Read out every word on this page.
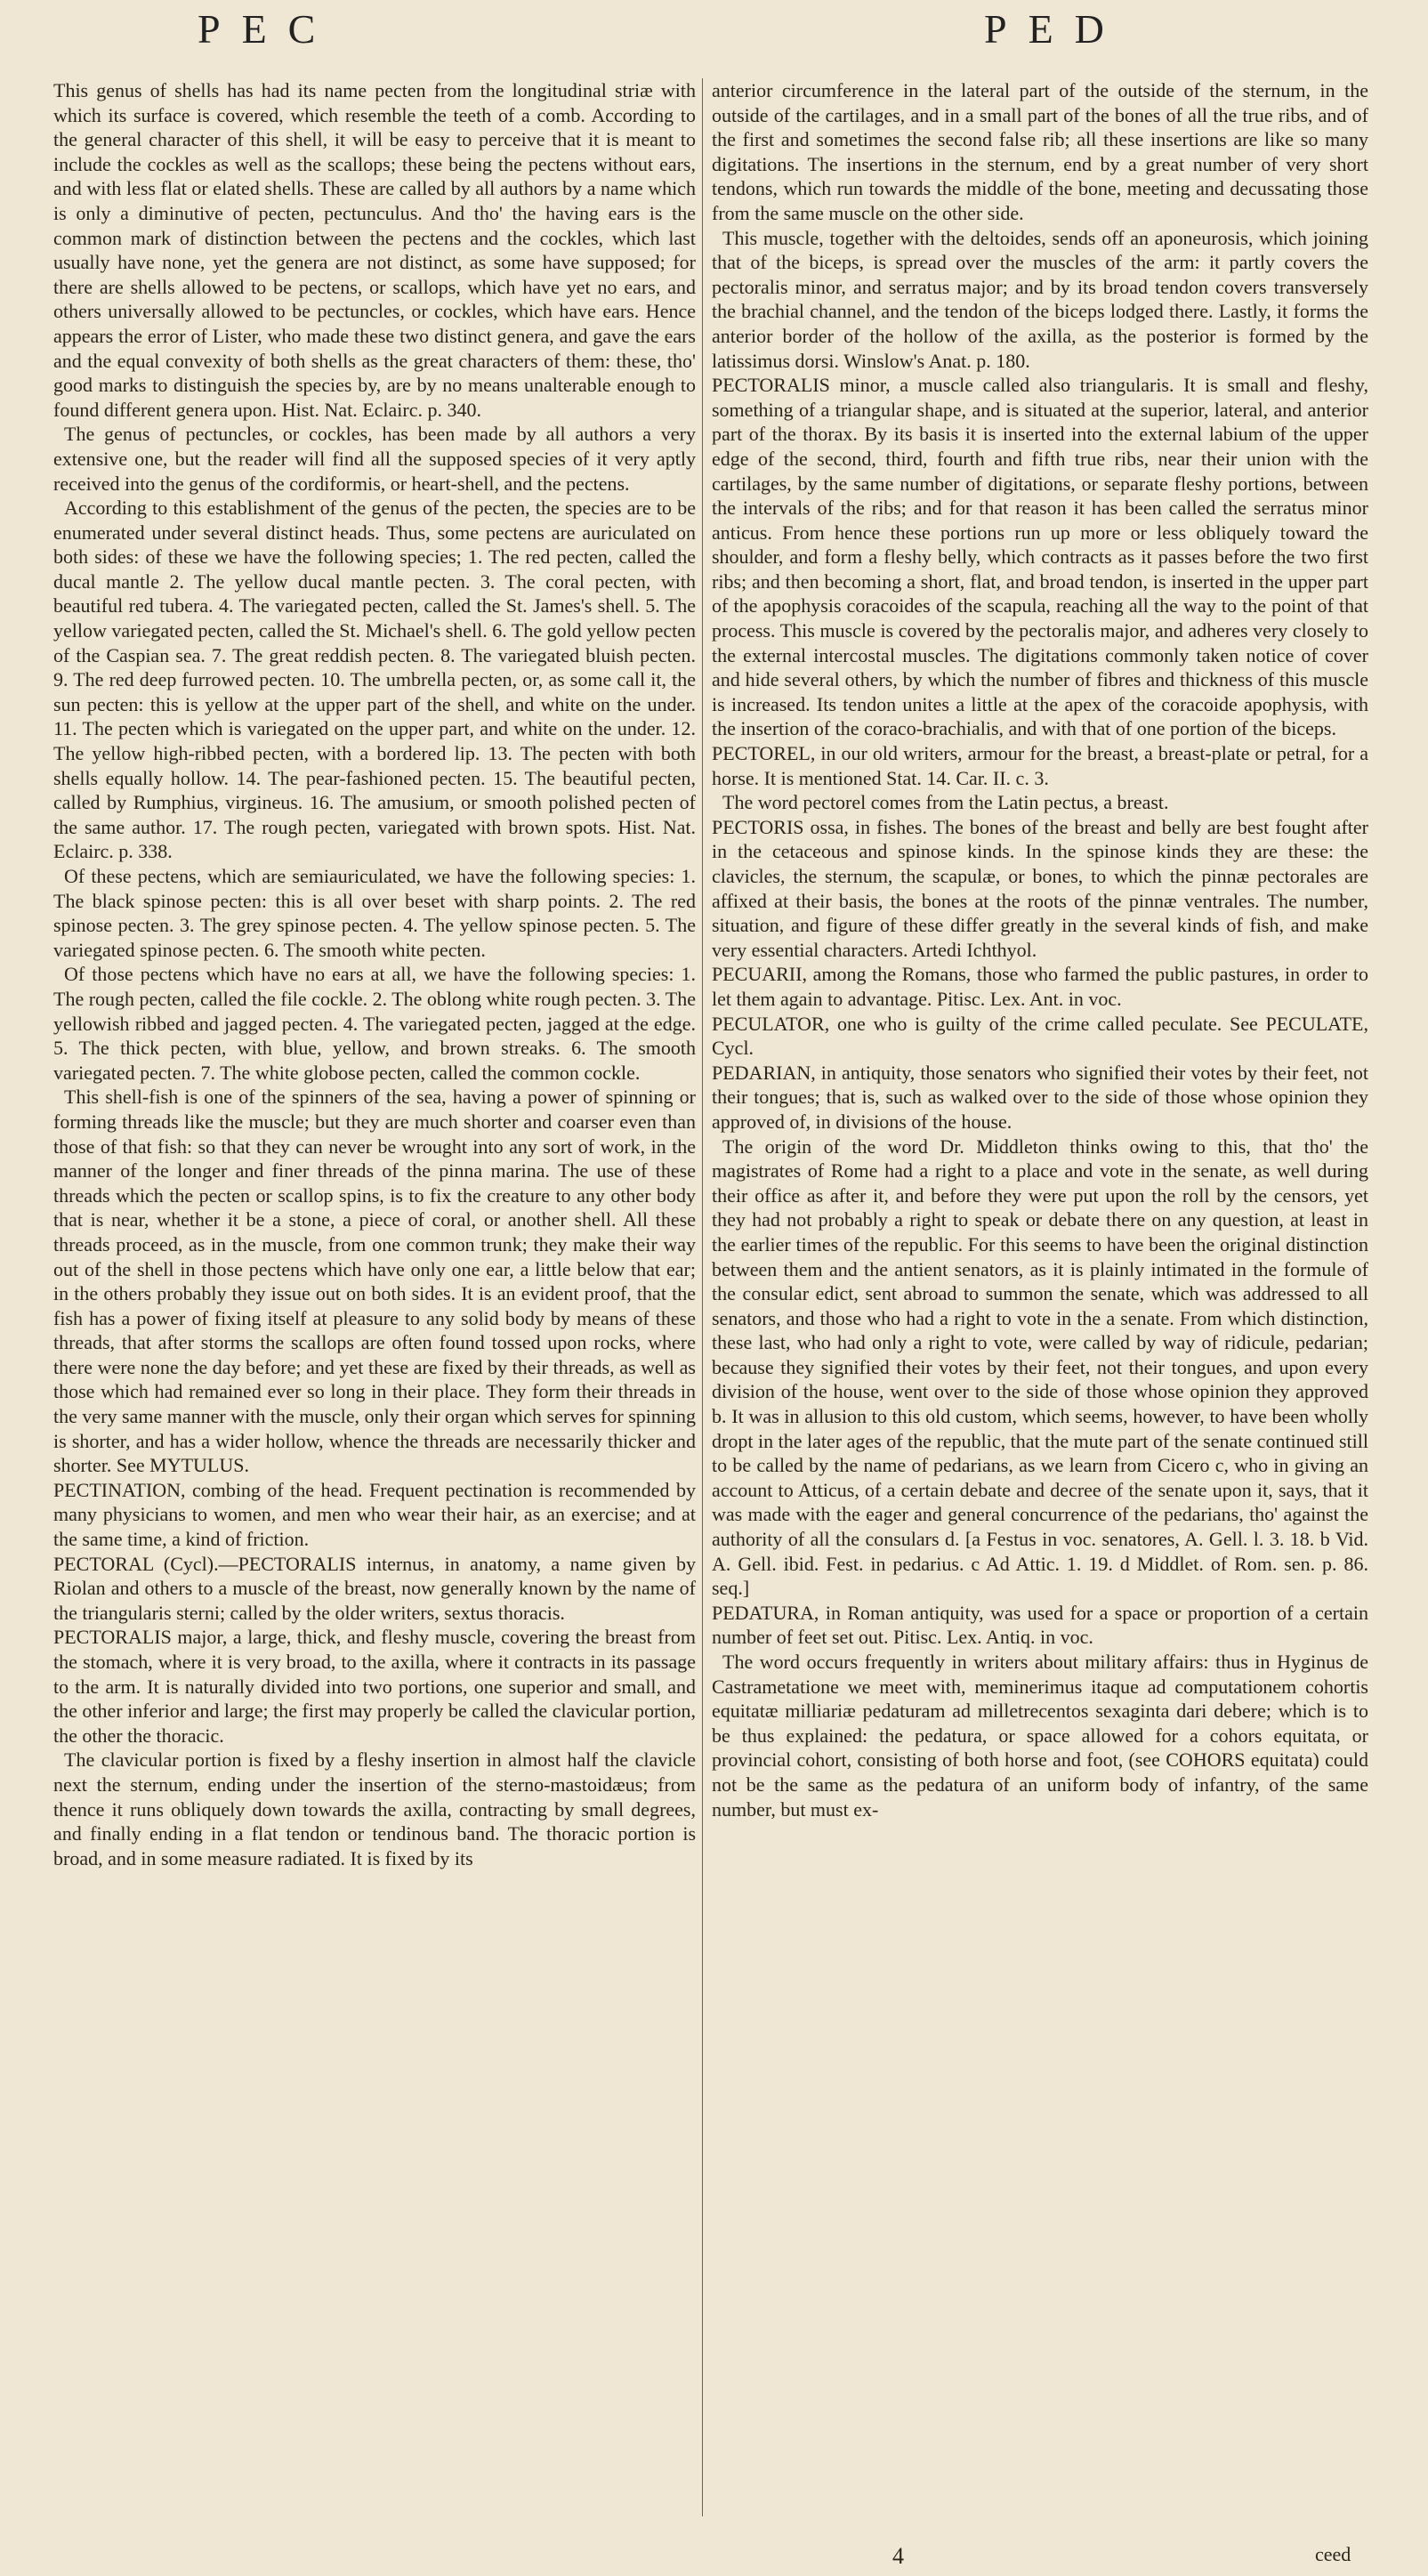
PEC	PED

This genus of shells has had its name pecten from the longitudinal striæ with which its surface is covered, which resemble the teeth of a comb. According to the general character of this shell, it will be easy to perceive that it is meant to include the cockles as well as the scallops; these being the pectens without ears, and with less flat or elated shells. These are called by all authors by a name which is only a diminutive of pecten, pectunculus. And tho' the having ears is the common mark of distinction between the pectens and the cockles, which last usually have none, yet the genera are not distinct, as some have supposed; for there are shells allowed to be pectens, or scallops, which have yet no ears, and others universally allowed to be pectuncles, or cockles, which have ears. Hence appears the error of Lister, who made these two distinct genera, and gave the ears and the equal convexity of both shells as the great characters of them: these, tho' good marks to distinguish the species by, are by no means unalterable enough to found different genera upon. Hist. Nat. Eclairc. p. 340.

The genus of pectuncles, or cockles, has been made by all authors a very extensive one, but the reader will find all the supposed species of it very aptly received into the genus of the cordiformis, or heart-shell, and the pectens.

According to this establishment of the genus of the pecten, the species are to be enumerated under several distinct heads. Thus, some pectens are auriculated on both sides: of these we have the following species; 1. The red pecten, called the ducal mantle 2. The yellow ducal mantle pecten. 3. The coral pecten, with beautiful red tubera. 4. The variegated pecten, called the St. James's shell. 5. The yellow variegated pecten, called the St. Michael's shell. 6. The gold yellow pecten of the Caspian sea. 7. The great reddish pecten. 8. The variegated bluish pecten. 9. The red deep furrowed pecten. 10. The umbrella pecten, or, as some call it, the sun pecten: this is yellow at the upper part of the shell, and white on the under. 11. The pecten which is variegated on the upper part, and white on the under. 12. The yellow high-ribbed pecten, with a bordered lip. 13. The pecten with both shells equally hollow. 14. The pear-fashioned pecten. 15. The beautiful pecten, called by Rumphius, virgineus. 16. The amusium, or smooth polished pecten of the same author. 17. The rough pecten, variegated with brown spots. Hist. Nat. Eclairc. p. 338.

Of these pectens, which are semiauriculated, we have the following species: 1. The black spinose pecten: this is all over beset with sharp points. 2. The red spinose pecten. 3. The grey spinose pecten. 4. The yellow spinose pecten. 5. The variegated spinose pecten. 6. The smooth white pecten.

Of those pectens which have no ears at all, we have the following species: 1. The rough pecten, called the file cockle. 2. The oblong white rough pecten. 3. The yellowish ribbed and jagged pecten. 4. The variegated pecten, jagged at the edge. 5. The thick pecten, with blue, yellow, and brown streaks. 6. The smooth variegated pecten. 7. The white globose pecten, called the common cockle.

This shell-fish is one of the spinners of the sea, having a power of spinning or forming threads like the muscle; but they are much shorter and coarser even than those of that fish: so that they can never be wrought into any sort of work, in the manner of the longer and finer threads of the pinna marina. The use of these threads which the pecten or scallop spins, is to fix the creature to any other body that is near, whether it be a stone, a piece of coral, or another shell. All these threads proceed, as in the muscle, from one common trunk; they make their way out of the shell in those pectens which have only one ear, a little below that ear; in the others probably they issue out on both sides. It is an evident proof, that the fish has a power of fixing itself at pleasure to any solid body by means of these threads, that after storms the scallops are often found tossed upon rocks, where there were none the day before; and yet these are fixed by their threads, as well as those which had remained ever so long in their place. They form their threads in the very same manner with the muscle, only their organ which serves for spinning is shorter, and has a wider hollow, whence the threads are necessarily thicker and shorter. See MYTULUS.

PECTINATION, combing of the head. Frequent pectination is recommended by many physicians to women, and men who wear their hair, as an exercise; and at the same time, a kind of friction.

PECTORAL (Cycl).—PECTORALIS internus, in anatomy, a name given by Riolan and others to a muscle of the breast, now generally known by the name of the triangularis sterni; called by the older writers, sextus thoracis.

PECTORALIS major, a large, thick, and fleshy muscle, covering the breast from the stomach, where it is very broad, to the axilla, where it contracts in its passage to the arm. It is naturally divided into two portions, one superior and small, and the other inferior and large; the first may properly be called the clavicular portion, the other the thoracic.

The clavicular portion is fixed by a fleshy insertion in almost half the clavicle next the sternum, ending under the insertion of the sterno-mastoidæus; from thence it runs obliquely down towards the axilla, contracting by small degrees, and finally ending in a flat tendon or tendinous band. The thoracic portion is broad, and in some measure radiated. It is fixed by its

anterior circumference in the lateral part of the outside of the sternum, in the outside of the cartilages, and in a small part of the bones of all the true ribs, and of the first and sometimes the second false rib; all these insertions are like so many digitations. The insertions in the sternum, end by a great number of very short tendons, which run towards the middle of the bone, meeting and decussating those from the same muscle on the other side.

This muscle, together with the deltoides, sends off an aponeurosis, which joining that of the biceps, is spread over the muscles of the arm: it partly covers the pectoralis minor, and serratus major; and by its broad tendon covers transversely the brachial channel, and the tendon of the biceps lodged there. Lastly, it forms the anterior border of the hollow of the axilla, as the posterior is formed by the latissimus dorsi. Winslow's Anat. p. 180.

PECTORALIS minor, a muscle called also triangularis. It is small and fleshy, something of a triangular shape, and is situated at the superior, lateral, and anterior part of the thorax. By its basis it is inserted into the external labium of the upper edge of the second, third, fourth and fifth true ribs, near their union with the cartilages, by the same number of digitations, or separate fleshy portions, between the intervals of the ribs; and for that reason it has been called the serratus minor anticus. From hence these portions run up more or less obliquely toward the shoulder, and form a fleshy belly, which contracts as it passes before the two first ribs; and then becoming a short, flat, and broad tendon, is inserted in the upper part of the apophysis coracoides of the scapula, reaching all the way to the point of that process. This muscle is covered by the pectoralis major, and adheres very closely to the external intercostal muscles. The digitations commonly taken notice of cover and hide several others, by which the number of fibres and thickness of this muscle is increased. Its tendon unites a little at the apex of the coracoide apophysis, with the insertion of the coraco-brachialis, and with that of one portion of the biceps.

PECTOREL, in our old writers, armour for the breast, a breast-plate or petral, for a horse. It is mentioned Stat. 14. Car. II. c. 3.

The word pectorel comes from the Latin pectus, a breast.

PECTORIS ossa, in fishes. The bones of the breast and belly are best fought after in the cetaceous and spinose kinds. In the spinose kinds they are these: the clavicles, the sternum, the scapulæ, or bones, to which the pinnæ pectorales are affixed at their basis, the bones at the roots of the pinnæ ventrales. The number, situation, and figure of these differ greatly in the several kinds of fish, and make very essential characters. Artedi Ichthyol.

PECUARII, among the Romans, those who farmed the public pastures, in order to let them again to advantage. Pitisc. Lex. Ant. in voc.

PECULATOR, one who is guilty of the crime called peculate. See PECULATE, Cycl.

PEDARIAN, in antiquity, those senators who signified their votes by their feet, not their tongues; that is, such as walked over to the side of those whose opinion they approved of, in divisions of the house.

The origin of the word Dr. Middleton thinks owing to this, that tho' the magistrates of Rome had a right to a place and vote in the senate, as well during their office as after it, and before they were put upon the roll by the censors, yet they had not probably a right to speak or debate there on any question, at least in the earlier times of the republic. For this seems to have been the original distinction between them and the antient senators, as it is plainly intimated in the formule of the consular edict, sent abroad to summon the senate, which was addressed to all senators, and those who had a right to vote in the a senate. From which distinction, these last, who had only a right to vote, were called by way of ridicule, pedarian; because they signified their votes by their feet, not their tongues, and upon every division of the house, went over to the side of those whose opinion they approved b. It was in allusion to this old custom, which seems, however, to have been wholly dropt in the later ages of the republic, that the mute part of the senate continued still to be called by the name of pedarians, as we learn from Cicero c, who in giving an account to Atticus, of a certain debate and decree of the senate upon it, says, that it was made with the eager and general concurrence of the pedarians, tho' against the authority of all the consulars d. [a Festus in voc. senatores, A. Gell. l. 3. 18. b Vid. A. Gell. ibid. Fest. in pedarius. c Ad Attic. 1. 19. d Middlet. of Rom. sen. p. 86. seq.]

PEDATURA, in Roman antiquity, was used for a space or proportion of a certain number of feet set out. Pitisc. Lex. Antiq. in voc.

The word occurs frequently in writers about military affairs: thus in Hyginus de Castrametatione we meet with, meminerimus itaque ad computationem cohortis equitatæ milliariæ pedaturam ad milletrecentos sexaginta dari debere; which is to be thus explained: the pedatura, or space allowed for a cohors equitata, or provincial cohort, consisting of both horse and foot, (see COHORS equitata) could not be the same as the pedatura of an uniform body of infantry, of the same number, but must ex-

4	ceed
